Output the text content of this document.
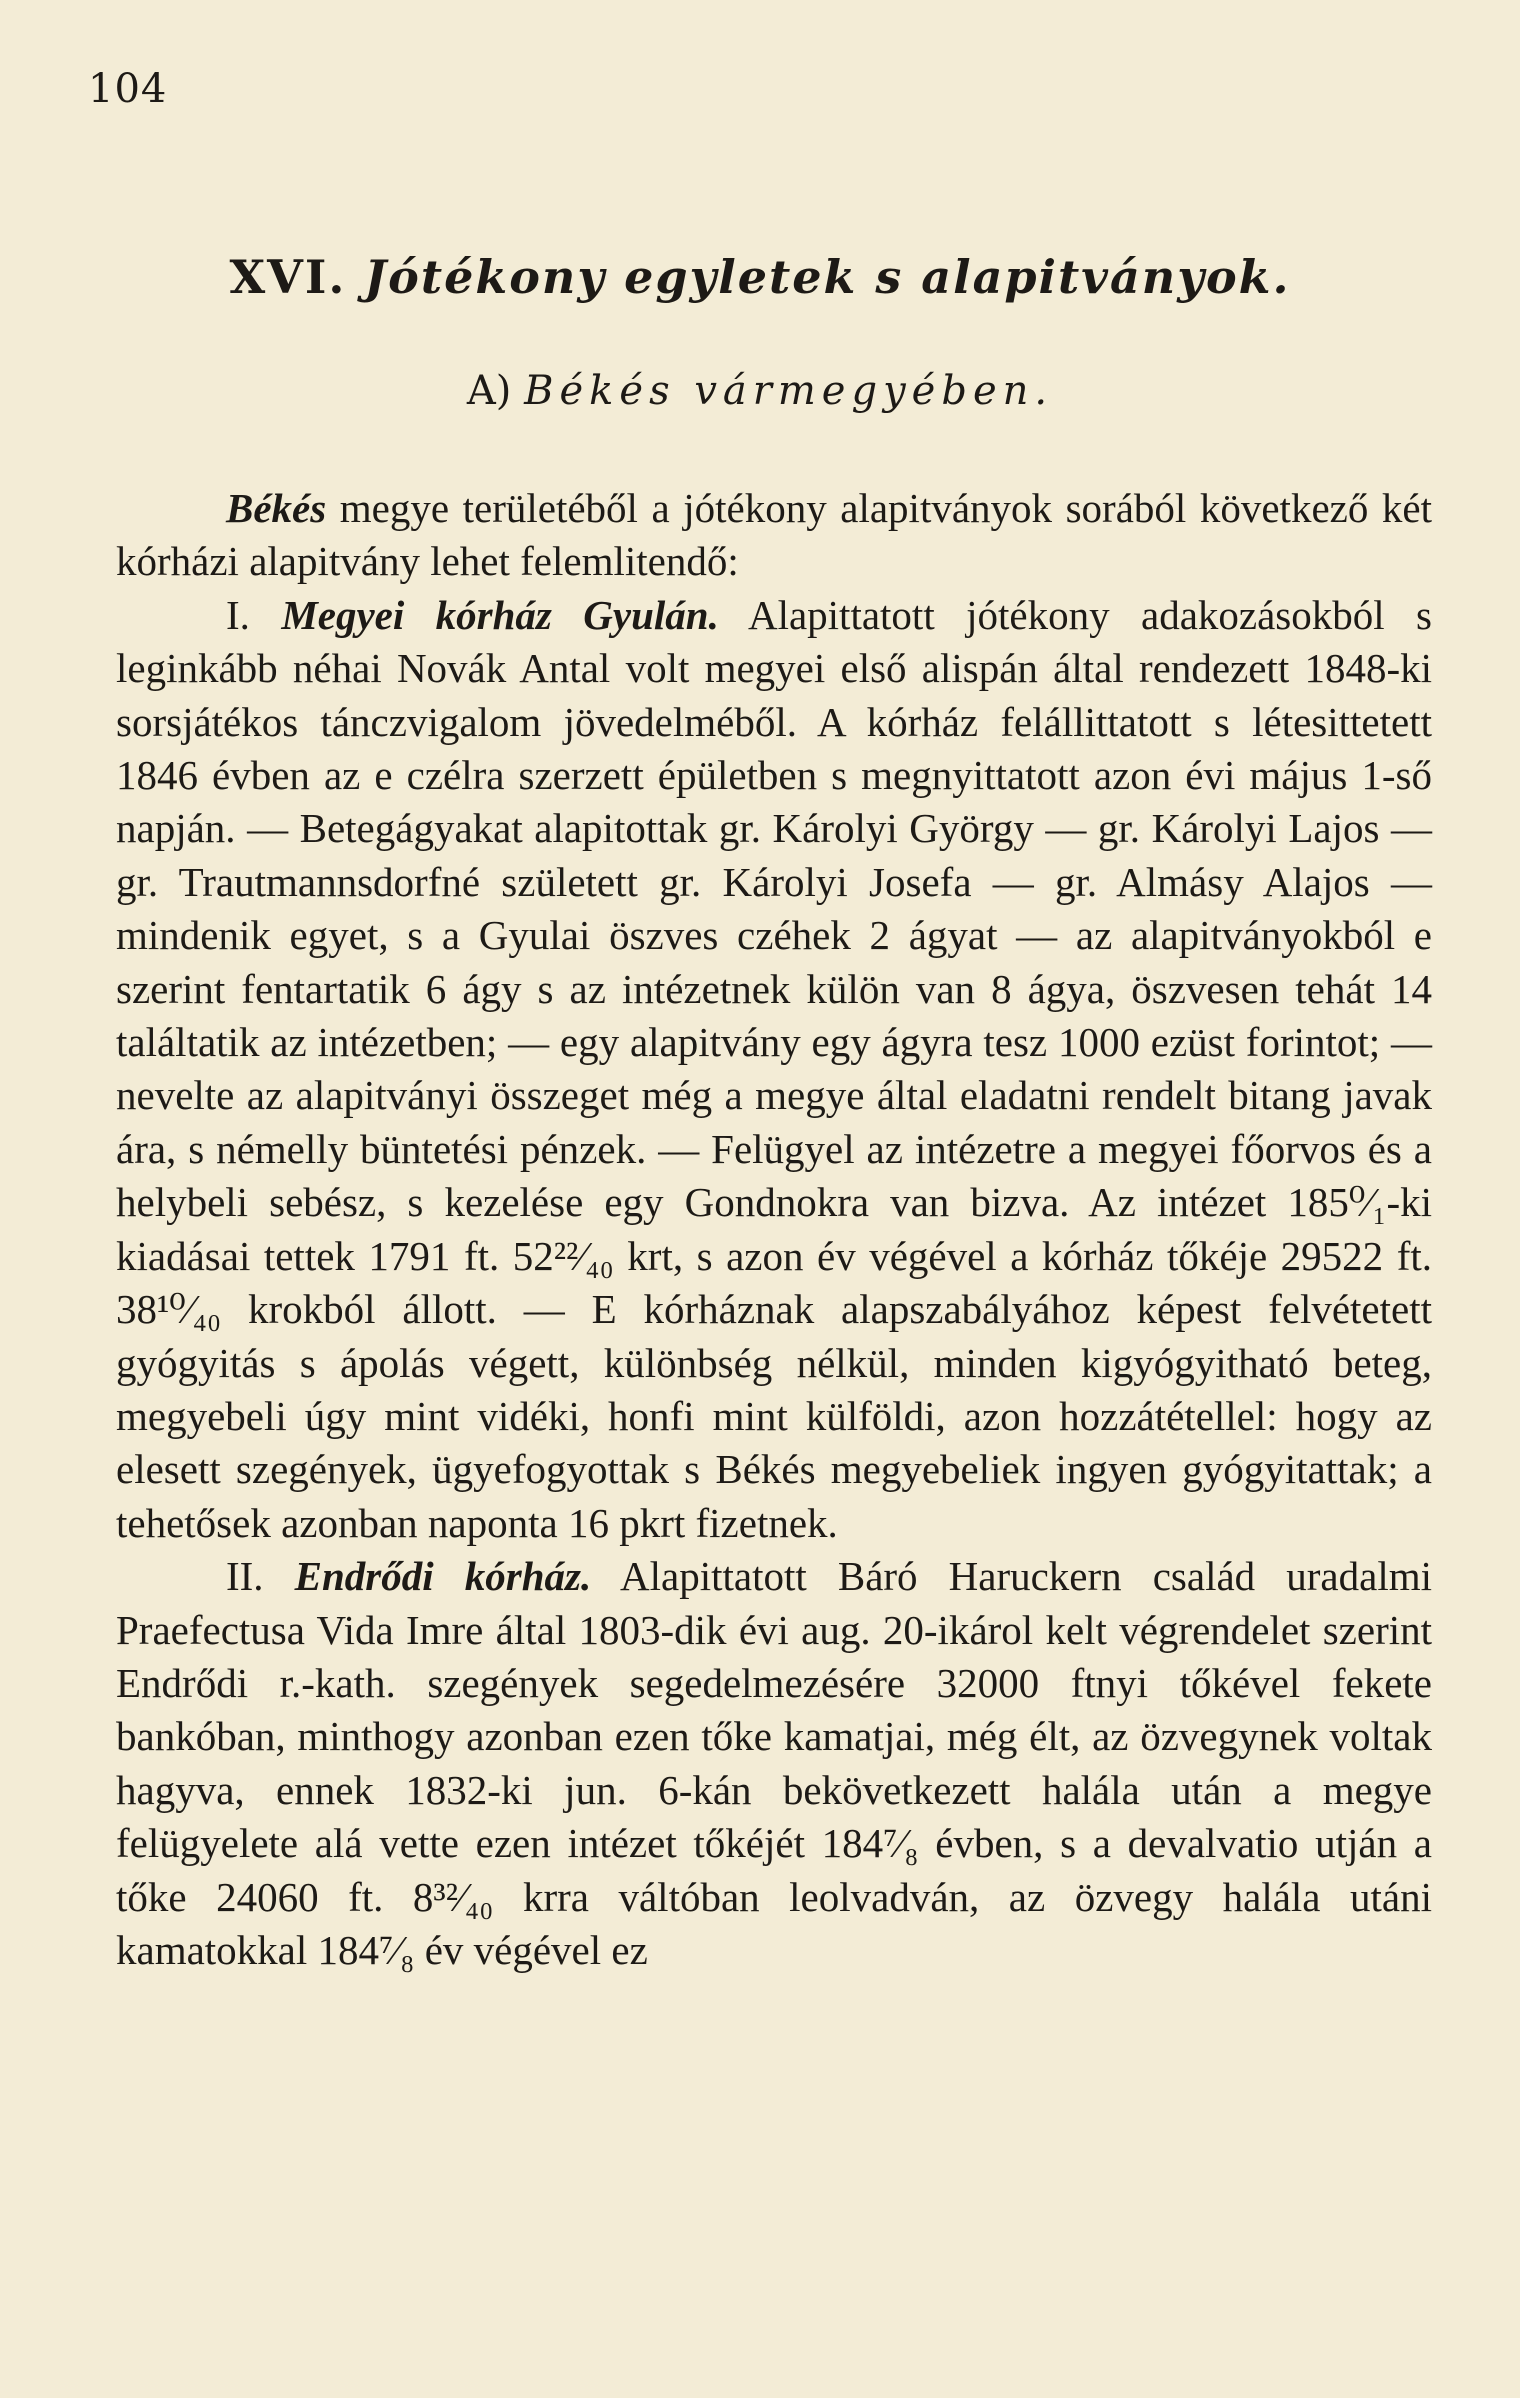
104
XVI. Jótékony egyletek s alapitványok.
A) Békés vármegyében.

Békés megye területéből a jótékony alapitványok sorából következő két kórházi alapitvány lehet felemlitendő:

I. Megyei kórház Gyulán. Alapittatott jótékony adakozásokból s leginkább néhai Novák Antal volt megyei első alispán által rendezett 1848-ki sorsjátékos tánczvigalom jövedelméből. A kórház felállittatott s létesittetett 1846 évben az e czélra szerzett épületben s megnyittatott azon évi május 1-ső napján. — Betegágyakat alapitottak gr. Károlyi György — gr. Károlyi Lajos — gr. Trautmannsdorfné született gr. Károlyi Josefa — gr. Almásy Alajos — mindenik egyet, s a Gyulai öszves czéhek 2 ágyat — az alapitványokból e szerint fentartatik 6 ágy s az intézetnek külön van 8 ágya, öszvesen tehát 14 találtatik az intézetben; — egy alapitvány egy ágyra tesz 1000 ezüst forintot; — nevelte az alapitványi összeget még a megye által eladatni rendelt bitang javak ára, s némelly büntetési pénzek. — Felügyel az intézetre a megyei főorvos és a helybeli sebész, s kezelése egy Gondnokra van bizva. Az intézet 185⁰⁄₁-ki kiadásai tettek 1791 ft. 52²²⁄₄₀ krt, s azon év végével a kórház tőkéje 29522 ft. 38¹⁰⁄₄₀ krokból állott. — E kórháznak alapszabályához képest felvétetett gyógyitás s ápolás végett, különbség nélkül, minden kigyógyitható beteg, megyebeli úgy mint vidéki, honfi mint külföldi, azon hozzátétellel: hogy az elesett szegények, ügyefogyottak s Békés megyebeliek ingyen gyógyitattak; a tehetősek azonban naponta 16 pkrt fizetnek.

II. Endrődi kórház. Alapittatott Báró Haruckern család uradalmi Praefectusa Vida Imre által 1803-dik évi aug. 20-ikárol kelt végrendelet szerint Endrődi r.-kath. szegények segedelmezésére 32000 ftnyi tőkével fekete bankóban, minthogy azonban ezen tőke kamatjai, még élt, az özvegynek voltak hagyva, ennek 1832-ki jun. 6-kán bekövetkezett halála után a megye felügyelete alá vette ezen intézet tőkéjét 184⁷⁄₈ évben, s a devalvatio utján a tőke 24060 ft. 8³²⁄₄₀ krra váltóban leolvadván, az özvegy halála utáni kamatokkal 184⁷⁄₈ év végével ez
